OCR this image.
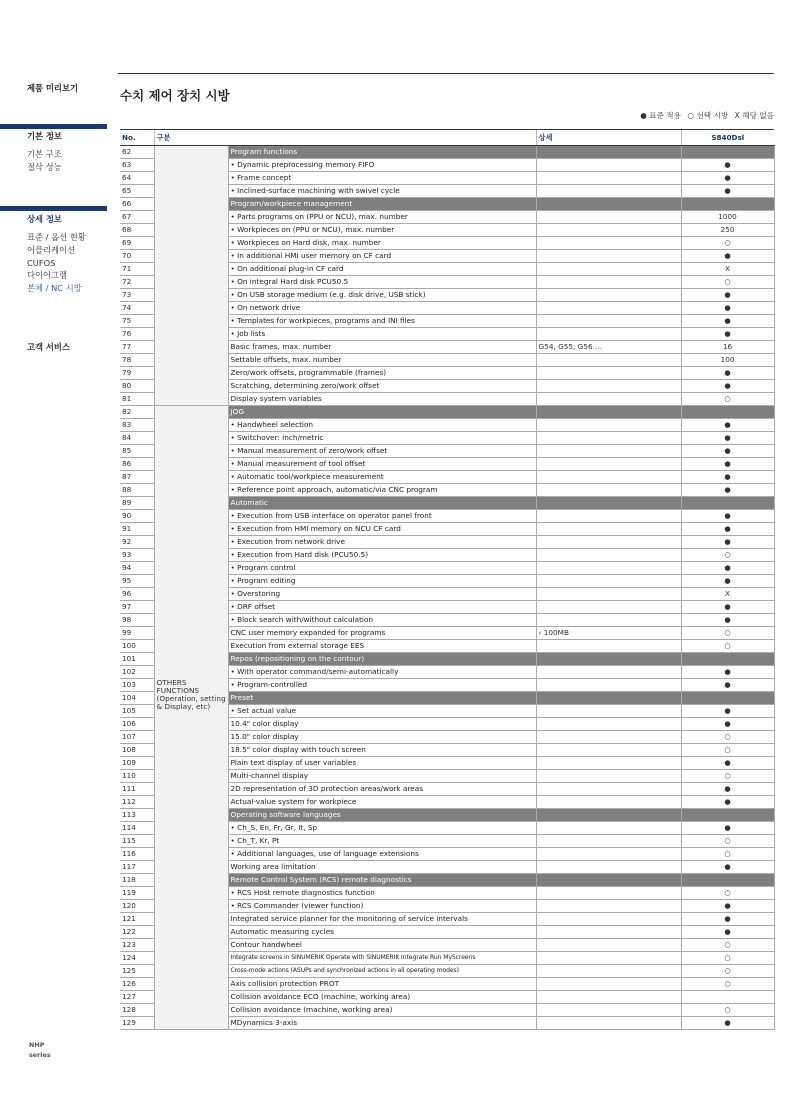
제품 미리보기
기본 정보
기본 구조
절삭 성능
상세 정보
표준 / 옵션 현황
어플리케이션
CUFOS
다이어그램
본체 / NC 시방
고객 서비스
NHP
series
수치 제어 장치 시방
● 표준 적용 ○ 선택 시방 X 해당 없음
No.	구분		상세	S840Dsl
62		Program functions		
63		• Dynamic preprocessing memory FIFO		●
64		• Frame concept		●
65		• Inclined-surface machining with swivel cycle		●
66		Program/workpiece management		
67		• Parts programs on (PPU or NCU), max. number		1000
68		• Workpieces on (PPU or NCU), max. number		250
69		• Workpieces on Hard disk, max. number		○
70		• In additional HMI user memory on CF card		●
71		• On additional plug-in CF card		X
72		• On integral Hard disk PCU50.5		○
73		• On USB storage medium (e.g. disk drive, USB stick)		●
74		• On network drive		●
75		• Templates for workpieces, programs and INI files		●
76		• Job lists		●
77		Basic frames, max. number	G54, G55, G56 ...	16
78		Settable offsets, max. number		100
79		Zero/work offsets, programmable (frames)		●
80		Scratching, determining zero/work offset		●
81		Display system variables		○
82	OTHERS FUNCTIONS (Operation, setting & Display, etc)	JOG		
83		• Handwheel selection		●
84		• Switchover: inch/metric		●
85		• Manual measurement of zero/work offset		●
86		• Manual measurement of tool offset		●
87		• Automatic tool/workpiece measurement		●
88		• Reference point approach, automatic/via CNC program		●
89		Automatic		
90		• Execution from USB interface on operator panel front		●
91		• Execution from HMI memory on NCU CF card		●
92		• Execution from network drive		●
93		• Execution from Hard disk (PCU50.5)		○
94		• Program control		●
95		• Program editing		●
96		• Overstoring		X
97		• DRF offset		●
98		• Block search with/without calculation		●
99		CNC user memory expanded for programs	‹ 100MB	○
100		Execution from external storage EES		○
101		Repos (repositioning on the contour)		
102		• With operator command/semi-automatically		●
103		• Program-controlled		●
104		Preset		
105		• Set actual value		●
106		10.4" color display		●
107		15.0" color display		○
108		18.5" color display with touch screen		○
109		Plain text display of user variables		●
110		Multi-channel display		○
111		2D representation of 3D protection areas/work areas		●
112		Actual-value system for workpiece		●
113		Operating software languages		
114		• Ch_S, En, Fr, Gr, It, Sp		●
115		• Ch_T, Kr, Pt		○
116		• Additional languages, use of language extensions		○
117		Working area limitation		●
118		Remote Control System (RCS) remote diagnostics		
119		• RCS Host remote diagnostics function		○
120		• RCS Commander (viewer function)		●
121		Integrated service planner for the monitoring of service intervals		●
122		Automatic measuring cycles		●
123		Contour handwheel		○
124		Integrate screens in SINUMERIK Operate with SINUMERIK Integrate Run MyScreens		○
125		Cross-mode actions (ASUPs and synchronized actions in all operating modes)		○
126		Axis collision protection PROT		○
127		Collision avoidance ECO (machine, working area)		
128		Collision avoidance (machine, working area)		○
129		MDynamics 3-axis		●
